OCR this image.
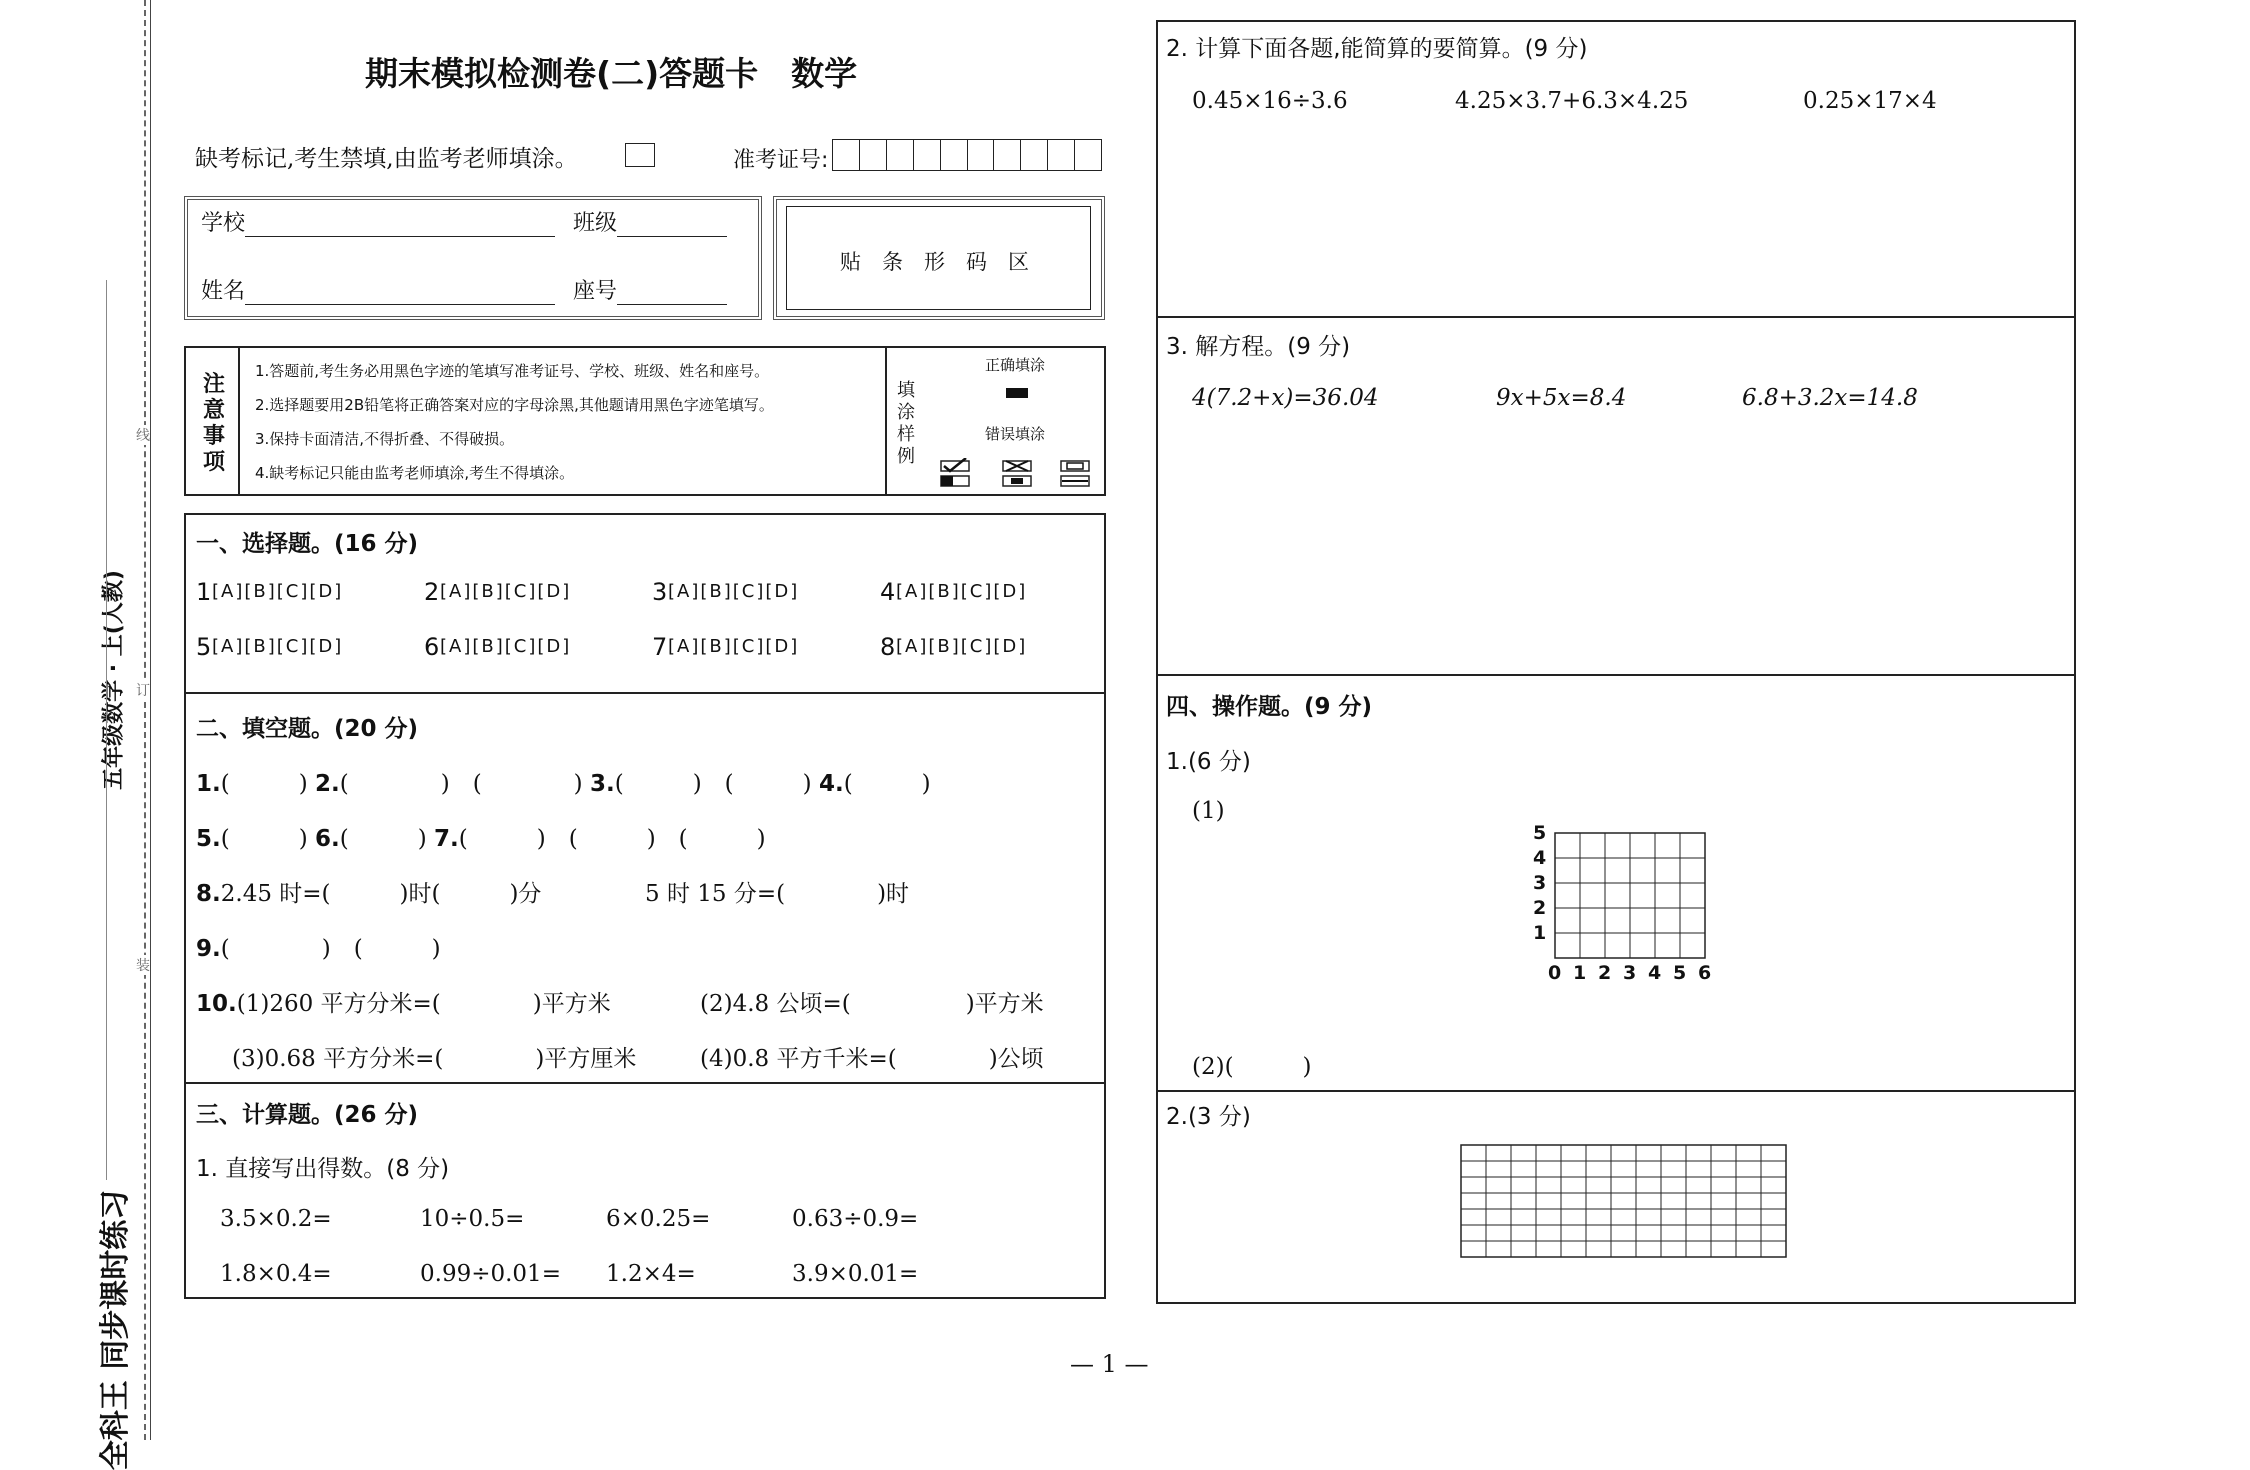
线
订
装
五年级数学 · 上(人教)
全科王 同步课时练习
期末模拟检测卷(二)答题卡　数学
缺考标记,考生禁填,由监考老师填涂。	准考证号:
学校	班级
姓名	座号
贴　条　形　码　区
注意事项
1.答题前,考生务必用黑色字迹的笔填写准考证号、学校、班级、姓名和座号。
2.选择题要用2B铅笔将正确答案对应的字母涂黑,其他题请用黑色字迹笔填写。
3.保持卡面清洁,不得折叠、不得破损。
4.缺考标记只能由监考老师填涂,考生不得填涂。
填涂样例
正确填涂
错误填涂
一、选择题。(16 分)
1 [A][B][C][D]	2 [A][B][C][D]	3 [A][B][C][D]	4 [A][B][C][D]
5 [A][B][C][D]	6 [A][B][C][D]	7 [A][B][C][D]	8 [A][B][C][D]
二、填空题。(20 分)
1.(　　　) 2.(　　　　)　(　　　　) 3.(　　　)　(　　　) 4.(　　　)
5.(　　　) 6.(　　　) 7.(　　　)　(　　　)　(　　　)
8.2.45 时=(　　　)时(　　　)分	5 时 15 分=(　　　　)时
9.(　　　　)　(　　　)
10.(1)260 平方分米=(　　　　)平方米	(2)4.8 公顷=(　　　　　)平方米
(3)0.68 平方分米=(　　　　)平方厘米	(4)0.8 平方千米=(　　　　)公顷
三、计算题。(26 分)
1. 直接写出得数。(8 分)
3.5×0.2=	10÷0.5=	6×0.25=	0.63÷0.9=
1.8×0.4=	0.99÷0.01= 1.2×4=	3.9×0.01=
2. 计算下面各题,能简算的要简算。(9 分)
0.45×16÷3.6	4.25×3.7+6.3×4.25	0.25×17×4
3. 解方程。(9 分)
4(7.2+x)=36.04	9x+5x=8.4	6.8+3.2x=14.8
四、操作题。(9 分)
1.(6 分)
(1)
5
4
3
2
1
0 1 2 3 4 5 6
(2)(　　　)
2.(3 分)
— 1 —
